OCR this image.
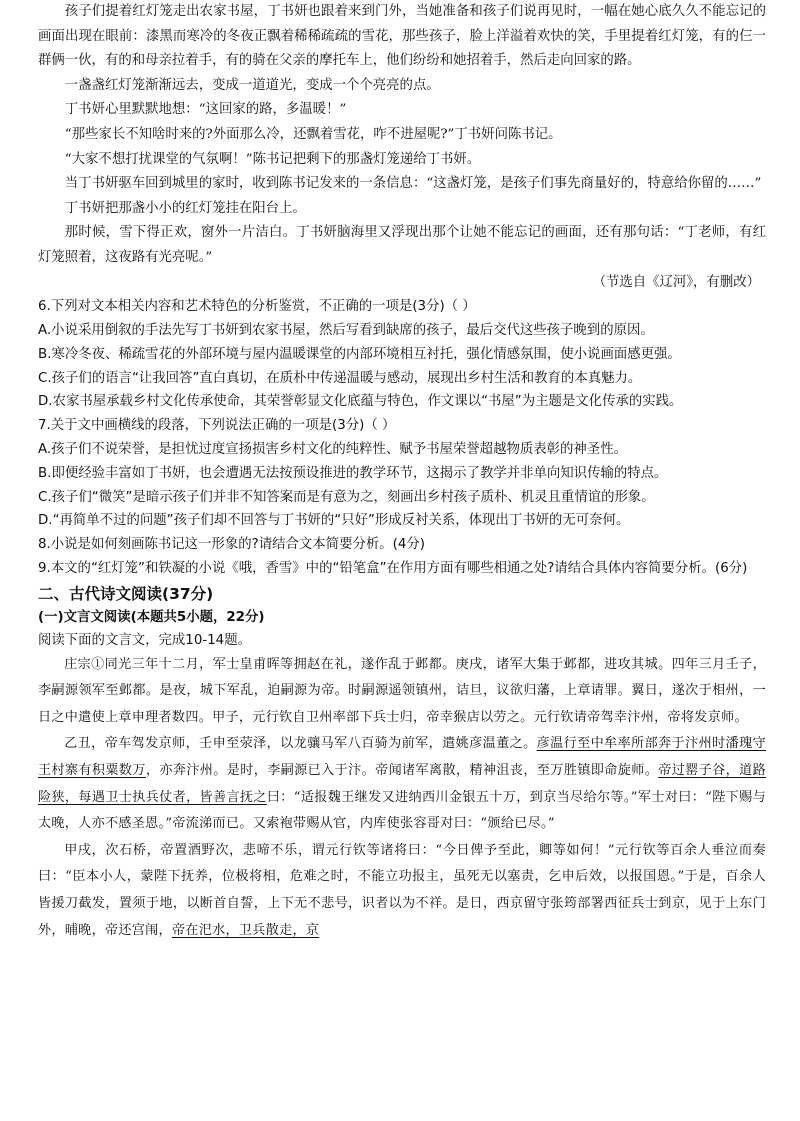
孩子们提着红灯笼走出农家书屋，丁书妍也跟着来到门外，当她准备和孩子们说再见时，一幅在她心底久久不能忘记的画面出现在眼前：漆黑而寒冷的冬夜正飘着稀稀疏疏的雪花，那些孩子，脸上洋溢着欢快的笑，手里提着红灯笼，有的仨一群俩一伙，有的和母亲拉着手，有的骑在父亲的摩托车上，他们纷纷和她招着手，然后走向回家的路。

一盏盏红灯笼渐渐远去，变成一道道光，变成一个个亮亮的点。

丁书妍心里默默地想：“这回家的路，多温暖！”

“那些家长不知啥时来的?外面那么冷，还飘着雪花，咋不进屋呢?”丁书妍问陈书记。

“大家不想打扰课堂的气氛啊！”陈书记把剩下的那盏灯笼递给丁书妍。

当丁书妍驱车回到城里的家时，收到陈书记发来的一条信息：“这盏灯笼，是孩子们事先商量好的，特意给你留的……”

丁书妍把那盏小小的红灯笼挂在阳台上。

那时候，雪下得正欢，窗外一片洁白。丁书妍脑海里又浮现出那个让她不能忘记的画面，还有那句话：“丁老师，有红灯笼照着，这夜路有光亮呢。”

（节选自《辽河》，有删改）

6.下列对文本相关内容和艺术特色的分析鉴赏，不正确的一项是(3分)（ ）

A.小说采用倒叙的手法先写丁书妍到农家书屋，然后写看到缺席的孩子，最后交代这些孩子晚到的原因。

B.寒冷冬夜、稀疏雪花的外部环境与屋内温暖课堂的内部环境相互衬托，强化情感氛围，使小说画面感更强。

C.孩子们的语言“让我回答”直白真切，在质朴中传递温暖与感动，展现出乡村生活和教育的本真魅力。

D.农家书屋承载乡村文化传承使命，其荣誉彰显文化底蕴与特色，作文课以“书屋”为主题是文化传承的实践。

7.关于文中画横线的段落，下列说法正确的一项是(3分)（ ）

A.孩子们不说荣誉，是担忧过度宣扬损害乡村文化的纯粹性、赋予书屋荣誉超越物质表彰的神圣性。

B.即便经验丰富如丁书妍，也会遭遇无法按预设推进的教学环节，这揭示了教学并非单向知识传输的特点。

C.孩子们“微笑”是暗示孩子们并非不知答案而是有意为之，刻画出乡村孩子质朴、机灵且重情谊的形象。

D.“再简单不过的问题”孩子们却不回答与丁书妍的“只好”形成反衬关系，体现出丁书妍的无可奈何。

8.小说是如何刻画陈书记这一形象的?请结合文本简要分析。(4分)

9.本文的“红灯笼”和铁凝的小说《哦，香雪》中的“铅笔盒”在作用方面有哪些相通之处?请结合具体内容简要分析。(6分)

二、古代诗文阅读(37分)
(一)文言文阅读(本题共5小题，22分)

阅读下面的文言文，完成10-14题。

庄宗①同光三年十二月，军士皇甫晖等拥赵在礼，遂作乱于邺都。庚戌，诸军大集于邺都，进攻其城。四年三月壬子，李嗣源领军至邺都。是夜，城下军乱，迫嗣源为帝。时嗣源遥领镇州，诘旦，议欲归藩，上章请罪。翼日，遂次于相州，一日之中遣使上章申理者数四。甲子，元行钦自卫州率部下兵士归，帝幸猴店以劳之。元行钦请帝驾幸汴州，帝将发京师。

乙丑，帝车驾发京师，壬申至荥泽，以龙骧马军八百骑为前军，遣姚彦温董之。彦温行至中牟率所部奔于汴州时潘瑰守王村寨有积粟数万，亦奔汴州。是时，李嗣源已入于汴。帝闻诸军离散，精神沮丧，至万胜镇即命旋师。帝过罂子谷，道路险狭，每遇卫士执兵仗者，皆善言抚之曰：“适报魏王继发又进纳西川金银五十万，到京当尽给尔等。”军士对曰：“陛下赐与太晚，人亦不感圣恩。”帝流涕而已。又索袍带赐从官，内库使张容哥对曰：“颁给已尽。”

甲戌，次石桥，帝置酒野次，悲啼不乐，谓元行钦等诸将曰：“今日俾予至此，卿等如何！”元行钦等百余人垂泣而奏曰：“臣本小人，蒙陛下抚养，位极将相，危难之时，不能立功报主，虽死无以塞责，乞申后效，以报国恩。”于是，百余人皆援刀截发，置须于地，以断首自誓，上下无不悲号，识者以为不祥。是日，西京留守张筠部署西征兵士到京，见于上东门外，晡晚，帝还宫闱，帝在汜水，卫兵散走，京
